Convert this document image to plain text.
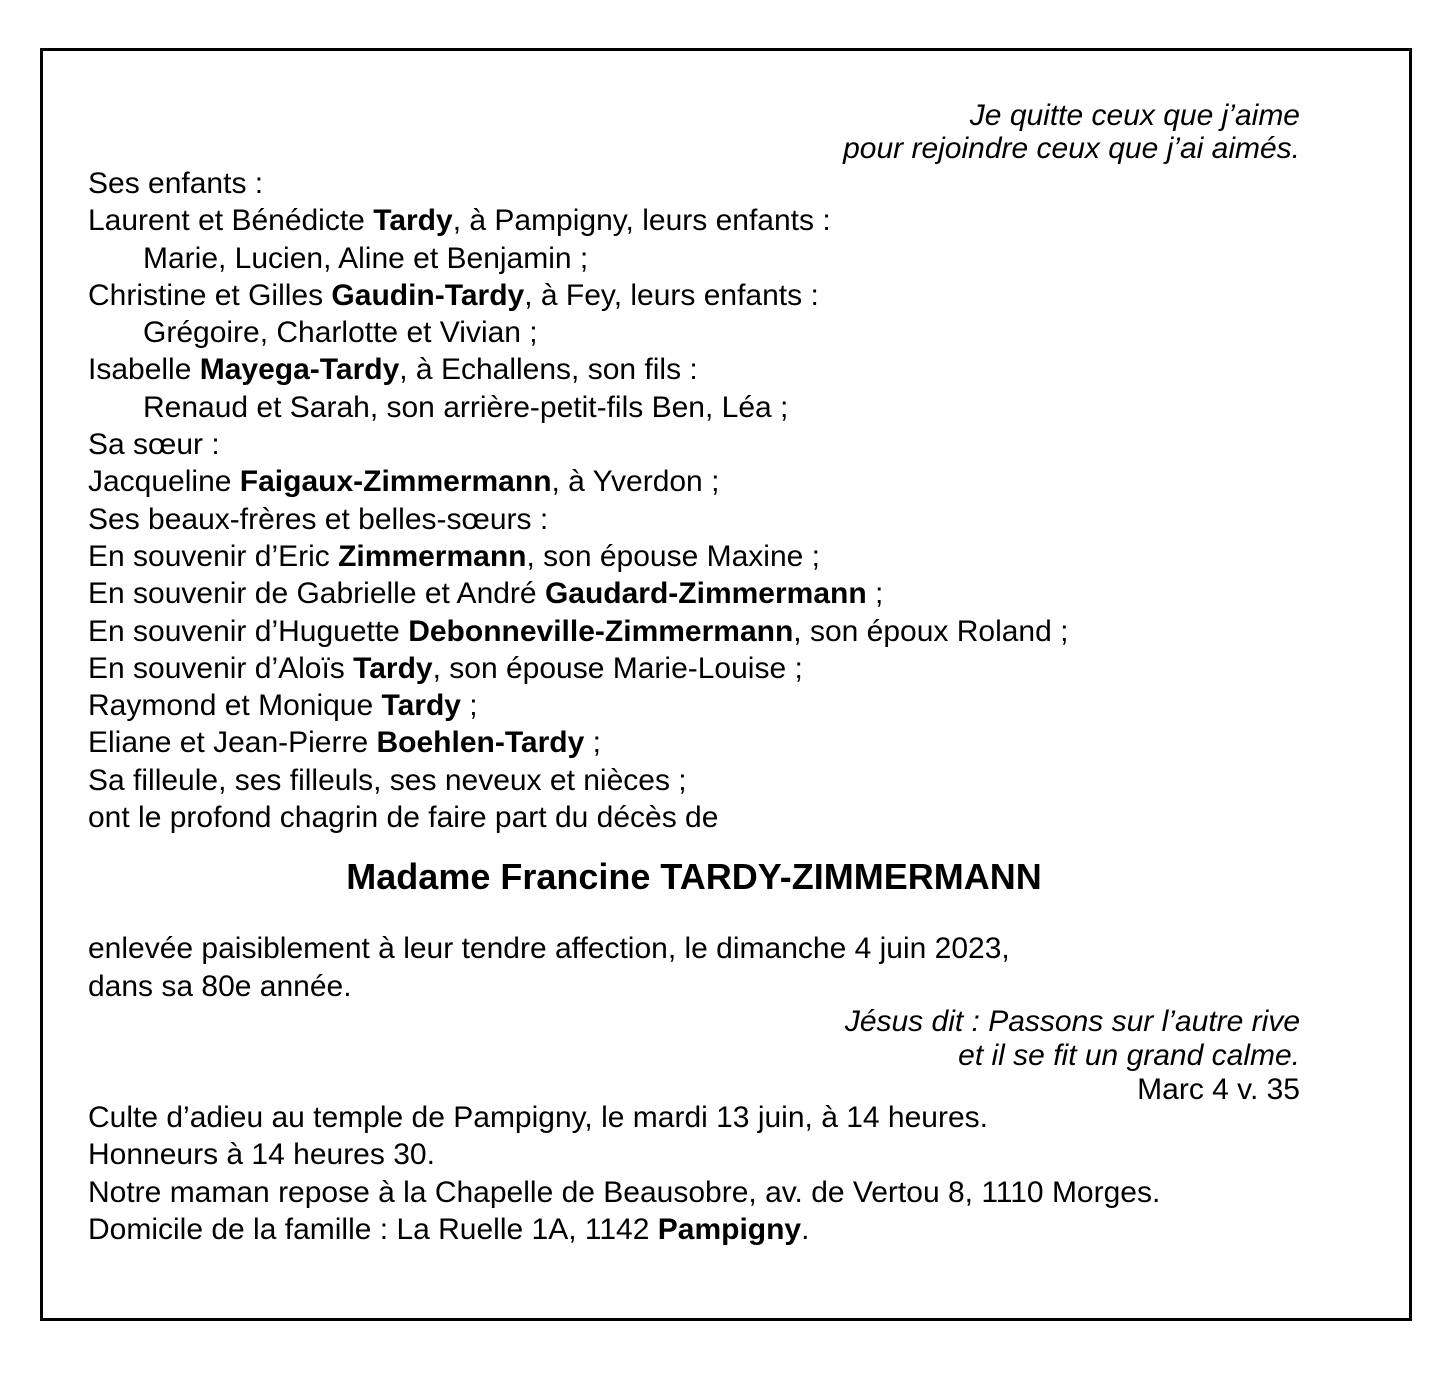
Je quitte ceux que j’aime
pour rejoindre ceux que j’ai aimés.
Ses enfants :
Laurent et Bénédicte Tardy, à Pampigny, leurs enfants :
Marie, Lucien, Aline et Benjamin ;
Christine et Gilles Gaudin-Tardy, à Fey, leurs enfants :
Grégoire, Charlotte et Vivian ;
Isabelle Mayega-Tardy, à Echallens, son fils :
Renaud et Sarah, son arrière-petit-fils Ben, Léa ;
Sa sœur :
Jacqueline Faigaux-Zimmermann, à Yverdon ;
Ses beaux-frères et belles-sœurs :
En souvenir d’Eric Zimmermann, son épouse Maxine ;
En souvenir de Gabrielle et André Gaudard-Zimmermann ;
En souvenir d’Huguette Debonneville-Zimmermann, son époux Roland ;
En souvenir d’Aloïs Tardy, son épouse Marie-Louise ;
Raymond et Monique Tardy ;
Eliane et Jean-Pierre Boehlen-Tardy ;
Sa filleule, ses filleuls, ses neveux et nièces ;
ont le profond chagrin de faire part du décès de
Madame Francine TARDY-ZIMMERMANN
enlevée paisiblement à leur tendre affection, le dimanche 4 juin 2023,
dans sa 80e année.
Jésus dit : Passons sur l’autre rive
et il se fit un grand calme.
Marc 4 v. 35
Culte d’adieu au temple de Pampigny, le mardi 13 juin, à 14 heures.
Honneurs à 14 heures 30.
Notre maman repose à la Chapelle de Beausobre, av. de Vertou 8, 1110 Morges.
Domicile de la famille : La Ruelle 1A, 1142 Pampigny.
